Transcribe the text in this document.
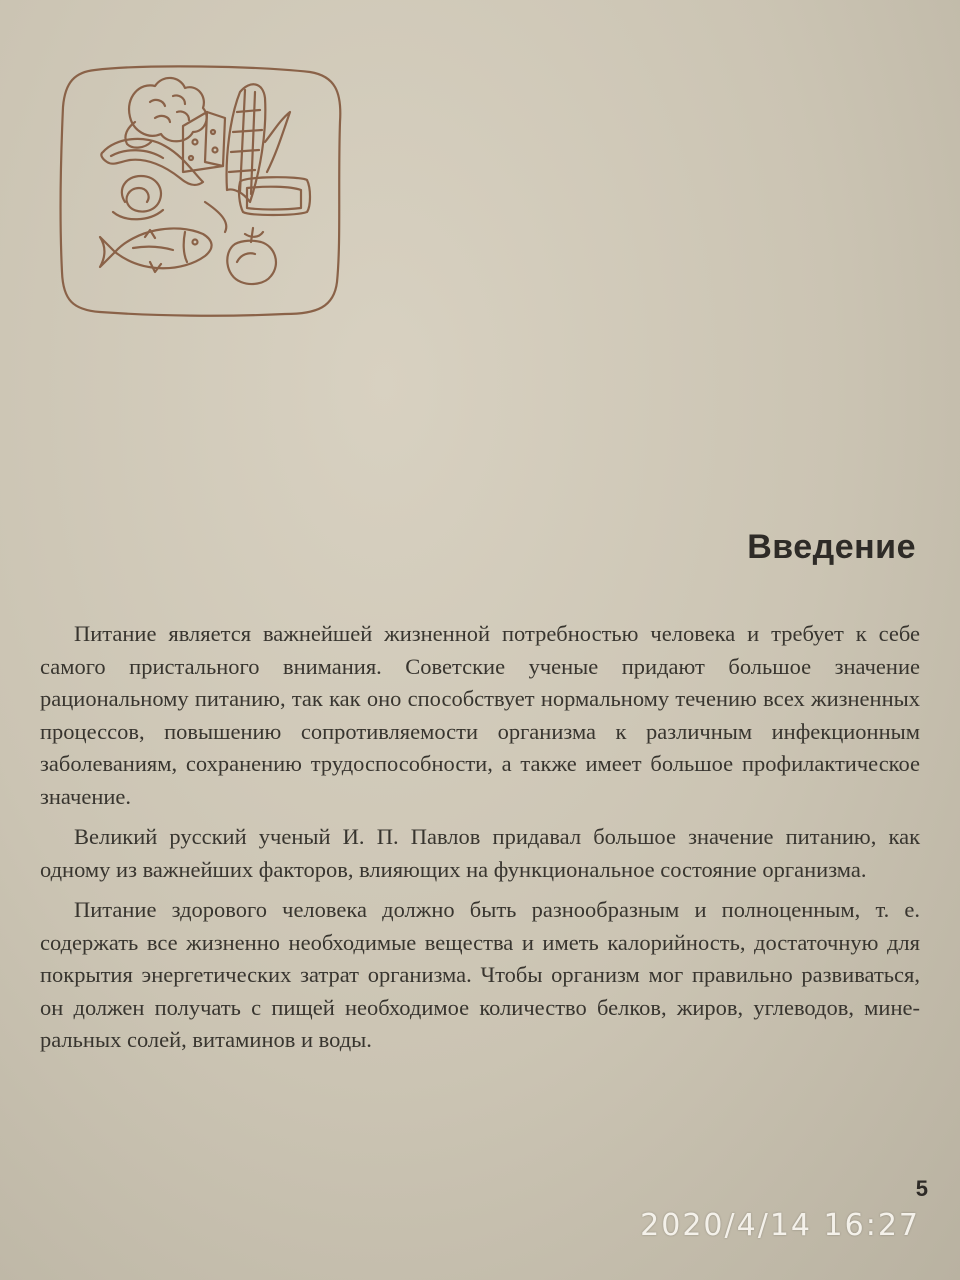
Введение

Питание является важнейшей жизненной потребностью человека и требует к себе самого пристального внимания. Советские ученые придают большое значение рациональному питанию, так как оно способствует нормальному течению всех жизненных процессов, повышению сопротивляемости организма к различным инфекционным заболеваниям, сохранению трудоспособности, а также имеет большое профилактическое значение.

Великий русский ученый И. П. Павлов придавал большое значение питанию, как одному из важнейших факторов, влияющих на функциональное состояние организма.

Питание здорового человека должно быть разнообразным и полноценным, т. е. содержать все жизненно необходимые вещества и иметь калорийность, достаточную для покрытия энергетических затрат организма. Чтобы организм мог правильно развиваться, он должен получать с пищей необходимое количество белков, жиров, углеводов, минеральных солей, витаминов и воды.

5
2020/4/14 16:27
